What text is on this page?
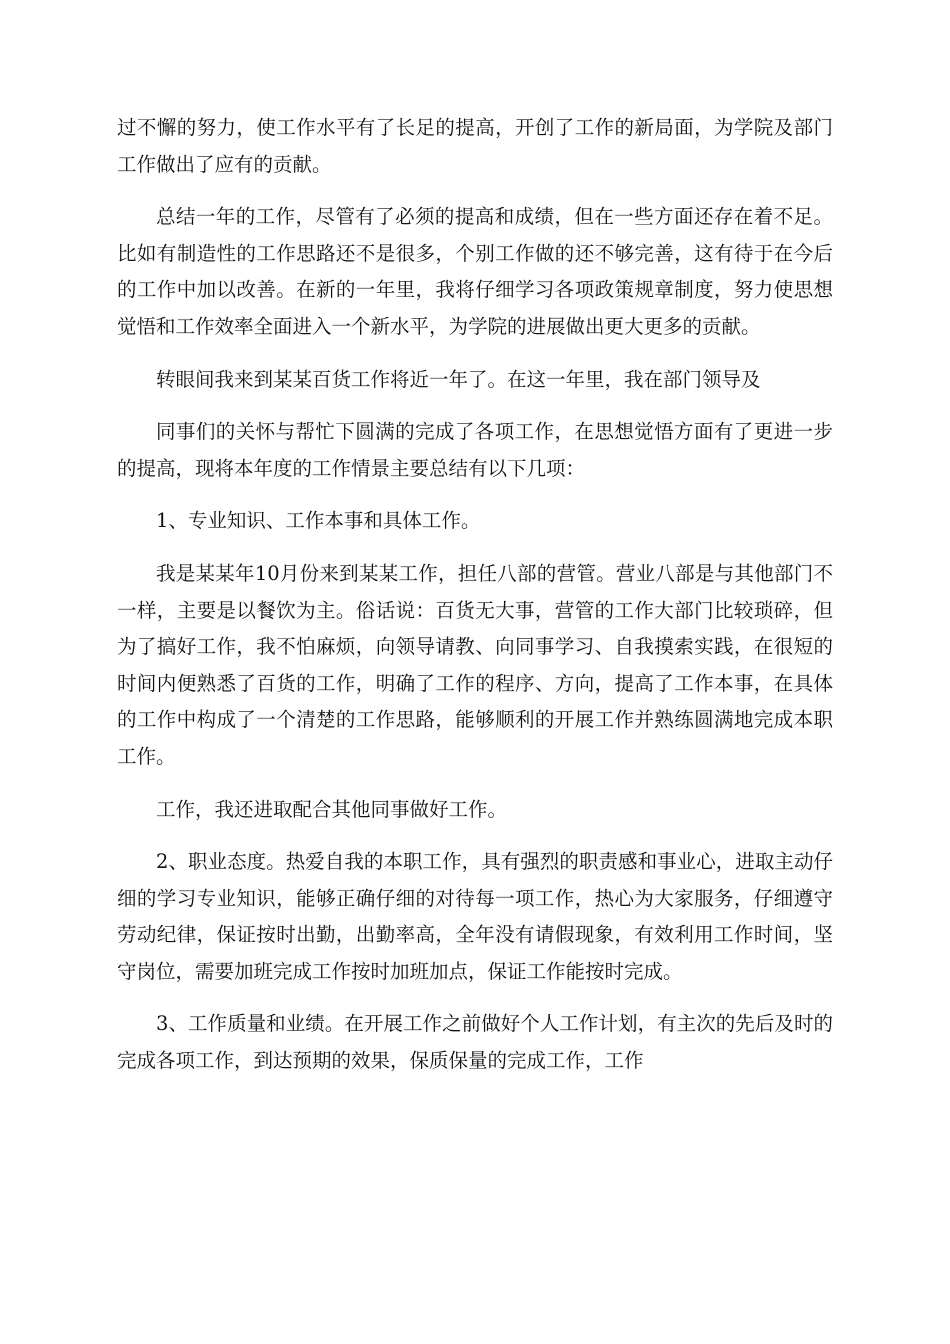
过不懈的努力，使工作水平有了长足的提高，开创了工作的新局面，为学院及部门工作做出了应有的贡献。

总结一年的工作，尽管有了必须的提高和成绩，但在一些方面还存在着不足。比如有制造性的工作思路还不是很多，个别工作做的还不够完善，这有待于在今后的工作中加以改善。在新的一年里，我将仔细学习各项政策规章制度，努力使思想觉悟和工作效率全面进入一个新水平，为学院的进展做出更大更多的贡献。

转眼间我来到某某百货工作将近一年了。在这一年里，我在部门领导及

同事们的关怀与帮忙下圆满的完成了各项工作，在思想觉悟方面有了更进一步的提高，现将本年度的工作情景主要总结有以下几项：

1、专业知识、工作本事和具体工作。

我是某某年10月份来到某某工作，担任八部的营管。营业八部是与其他部门不一样，主要是以餐饮为主。俗话说：百货无大事，营管的工作大部门比较琐碎，但为了搞好工作，我不怕麻烦，向领导请教、向同事学习、自我摸索实践，在很短的时间内便熟悉了百货的工作，明确了工作的程序、方向，提高了工作本事，在具体的工作中构成了一个清楚的工作思路，能够顺利的开展工作并熟练圆满地完成本职工作。

工作，我还进取配合其他同事做好工作。

2、职业态度。热爱自我的本职工作，具有强烈的职责感和事业心，进取主动仔细的学习专业知识，能够正确仔细的对待每一项工作，热心为大家服务，仔细遵守劳动纪律，保证按时出勤，出勤率高，全年没有请假现象，有效利用工作时间，坚守岗位，需要加班完成工作按时加班加点，保证工作能按时完成。

3、工作质量和业绩。在开展工作之前做好个人工作计划，有主次的先后及时的完成各项工作，到达预期的效果，保质保量的完成工作，工作
